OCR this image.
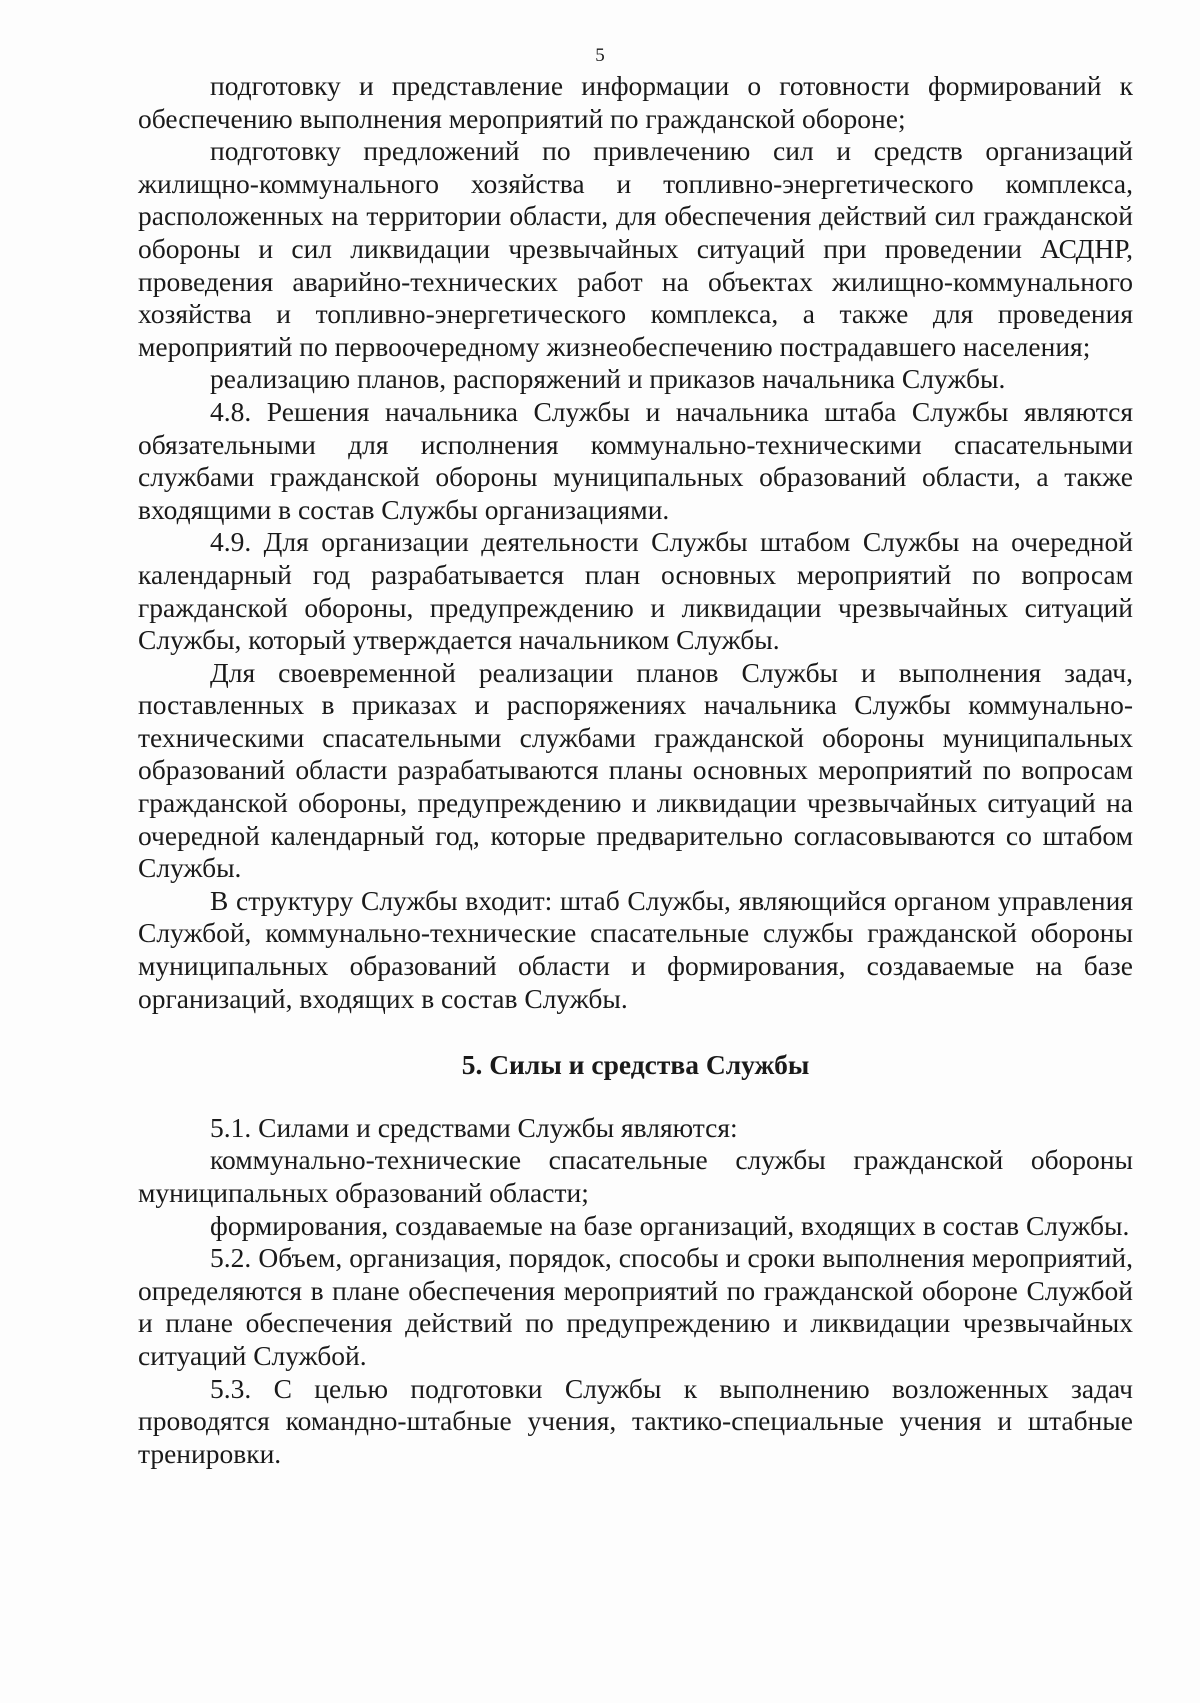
5

подготовку и представление информации о готовности формирований к обеспечению выполнения мероприятий по гражданской обороне;

подготовку предложений по привлечению сил и средств организаций жилищно-коммунального хозяйства и топливно-энергетического комплекса, расположенных на территории области, для обеспечения действий сил гражданской обороны и сил ликвидации чрезвычайных ситуаций при проведении АСДНР, проведения аварийно-технических работ на объектах жилищно-коммунального хозяйства и топливно-энергетического комплекса, а также для проведения мероприятий по первоочередному жизнеобеспечению пострадавшего населения;

реализацию планов, распоряжений и приказов начальника Службы.

4.8. Решения начальника Службы и начальника штаба Службы являются обязательными для исполнения коммунально-техническими спасательными службами гражданской обороны муниципальных образований области, а также входящими в состав Службы организациями.

4.9. Для организации деятельности Службы штабом Службы на очередной календарный год разрабатывается план основных мероприятий по вопросам гражданской обороны, предупреждению и ликвидации чрезвычайных ситуаций Службы, который утверждается начальником Службы.

Для своевременной реализации планов Службы и выполнения задач, поставленных в приказах и распоряжениях начальника Службы коммунально-техническими спасательными службами гражданской обороны муниципальных образований области разрабатываются планы основных мероприятий по вопросам гражданской обороны, предупреждению и ликвидации чрезвычайных ситуаций на очередной календарный год, которые предварительно согласовываются со штабом Службы.

В структуру Службы входит: штаб Службы, являющийся органом управления Службой, коммунально-технические спасательные службы гражданской обороны муниципальных образований области и формирования, создаваемые на базе организаций, входящих в состав Службы.

5. Силы и средства Службы

5.1. Силами и средствами Службы являются:

коммунально-технические спасательные службы гражданской обороны муниципальных образований области;

формирования, создаваемые на базе организаций, входящих в состав Службы.

5.2. Объем, организация, порядок, способы и сроки выполнения мероприятий, определяются в плане обеспечения мероприятий по гражданской обороне Службой и плане обеспечения действий по предупреждению и ликвидации чрезвычайных ситуаций Службой.

5.3. С целью подготовки Службы к выполнению возложенных задач проводятся командно-штабные учения, тактико-специальные учения и штабные тренировки.
